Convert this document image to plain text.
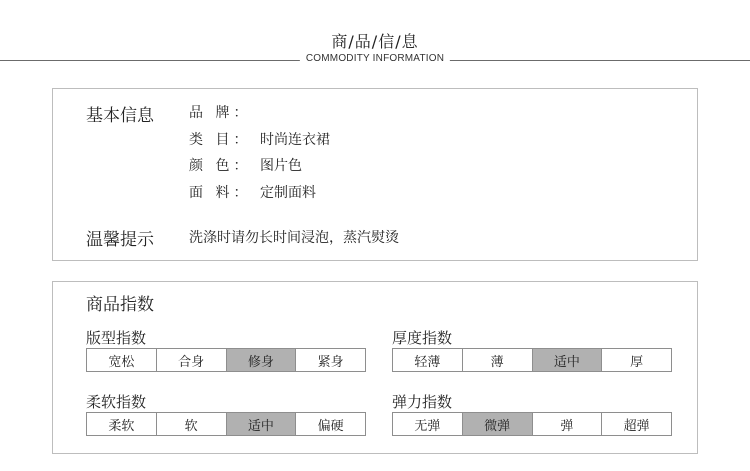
商/品/信/息
COMMODITY INFORMATION
基本信息	品 牌：
类 目： 时尚连衣裙
颜 色： 图片色
面 料： 定制面料
温馨提示	洗涤时请勿长时间浸泡，蒸汽熨烫
商品指数
版型指数
宽松	合身	修身	紧身
厚度指数
轻薄	薄	适中	厚
柔软指数
柔软	软	适中	偏硬
弹力指数
无弹	微弹	弹	超弹
